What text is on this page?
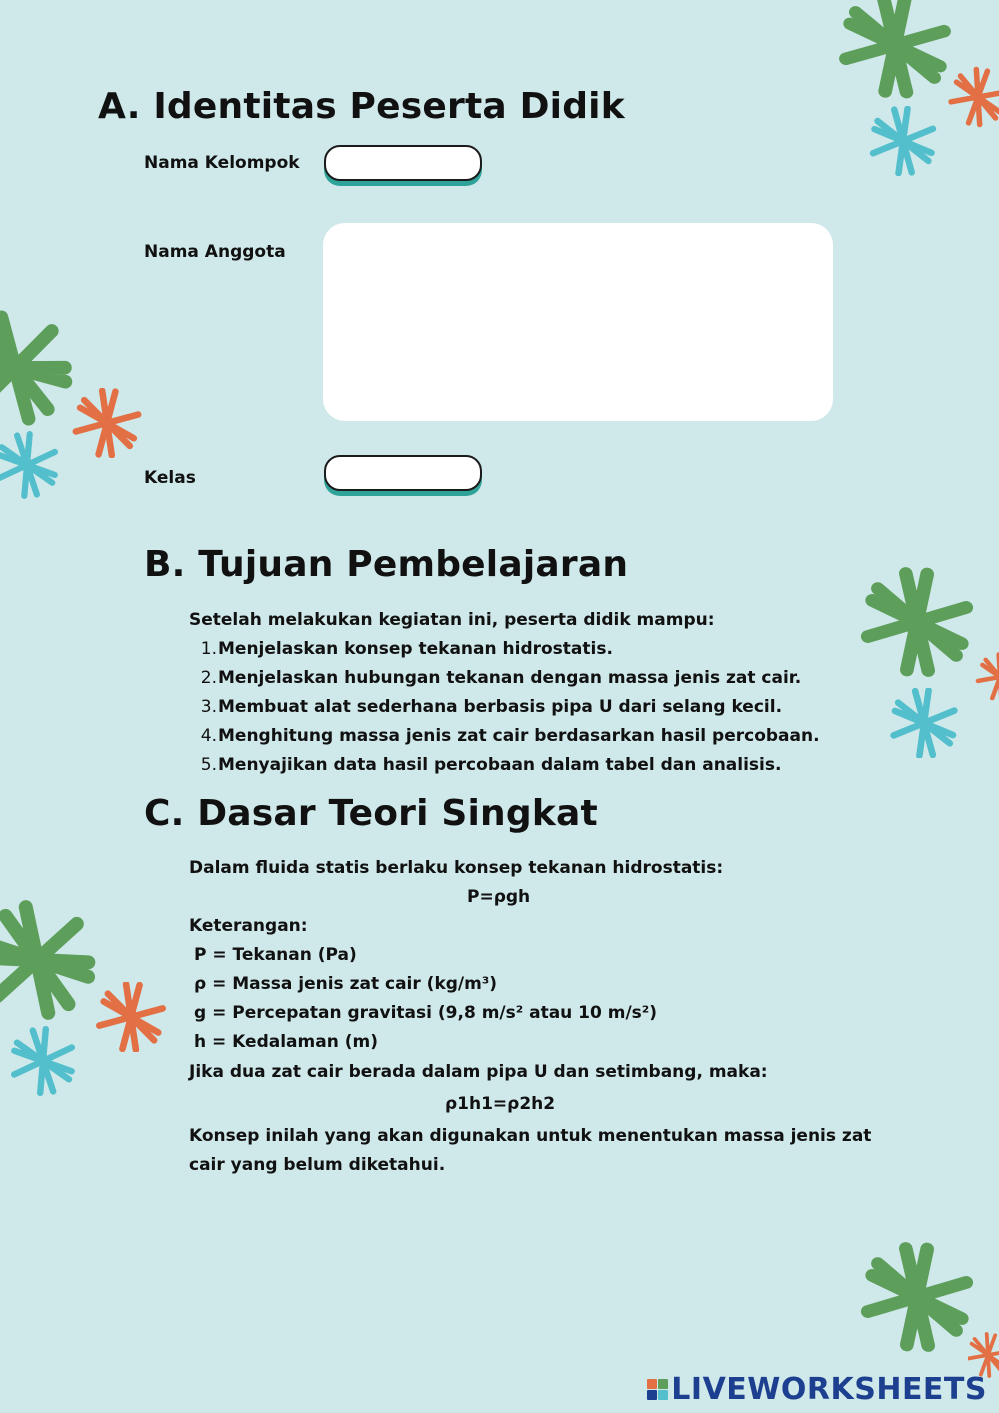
A. Identitas Peserta Didik
Nama Kelompok
Nama Anggota
Kelas
B. Tujuan Pembelajaran
Setelah melakukan kegiatan ini, peserta didik mampu:
1. Menjelaskan konsep tekanan hidrostatis.
2. Menjelaskan hubungan tekanan dengan massa jenis zat cair.
3. Membuat alat sederhana berbasis pipa U dari selang kecil.
4. Menghitung massa jenis zat cair berdasarkan hasil percobaan.
5. Menyajikan data hasil percobaan dalam tabel dan analisis.
C. Dasar Teori Singkat
Dalam fluida statis berlaku konsep tekanan hidrostatis:
P=ρgh
Keterangan:
P = Tekanan (Pa)
ρ = Massa jenis zat cair (kg/m³)
g = Percepatan gravitasi (9,8 m/s² atau 10 m/s²)
h = Kedalaman (m)
Jika dua zat cair berada dalam pipa U dan setimbang, maka:
ρ1h1=ρ2h2
Konsep inilah yang akan digunakan untuk menentukan massa jenis zat
cair yang belum diketahui.
LIVEWORKSHEETS
